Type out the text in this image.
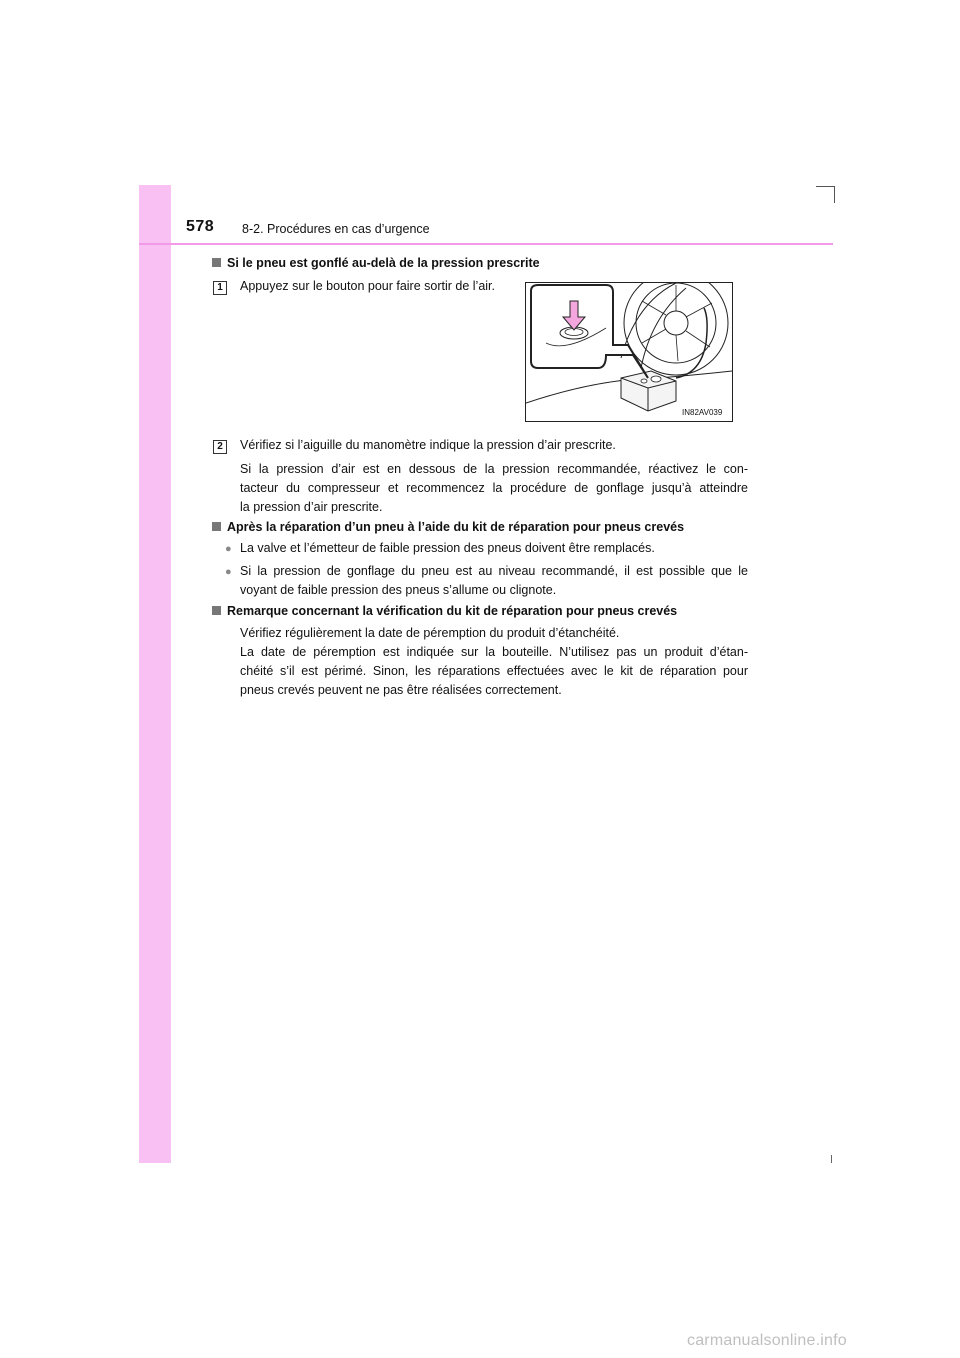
578 8-2. Procédures en cas d’urgence
Si le pneu est gonflé au-delà de la pression prescrite
1	Appuyez sur le bouton pour faire sortir de l’air.
IN82AV039
2	Vérifiez si l’aiguille du manomètre indique la pression d’air prescrite.
Si la pression d’air est en dessous de la pression recommandée, réactivez le con-
tacteur du compresseur et recommencez la procédure de gonflage jusqu’à atteindre
la pression d’air prescrite.
Après la réparation d’un pneu à l’aide du kit de réparation pour pneus crevés
● La valve et l’émetteur de faible pression des pneus doivent être remplacés.
● Si la pression de gonflage du pneu est au niveau recommandé, il est possible que le
voyant de faible pression des pneus s’allume ou clignote.
Remarque concernant la vérification du kit de réparation pour pneus crevés
Vérifiez régulièrement la date de péremption du produit d’étanchéité.
La date de péremption est indiquée sur la bouteille. N’utilisez pas un produit d’étan-
chéité s’il est périmé. Sinon, les réparations effectuées avec le kit de réparation pour
pneus crevés peuvent ne pas être réalisées correctement.
carmanualsonline.info
